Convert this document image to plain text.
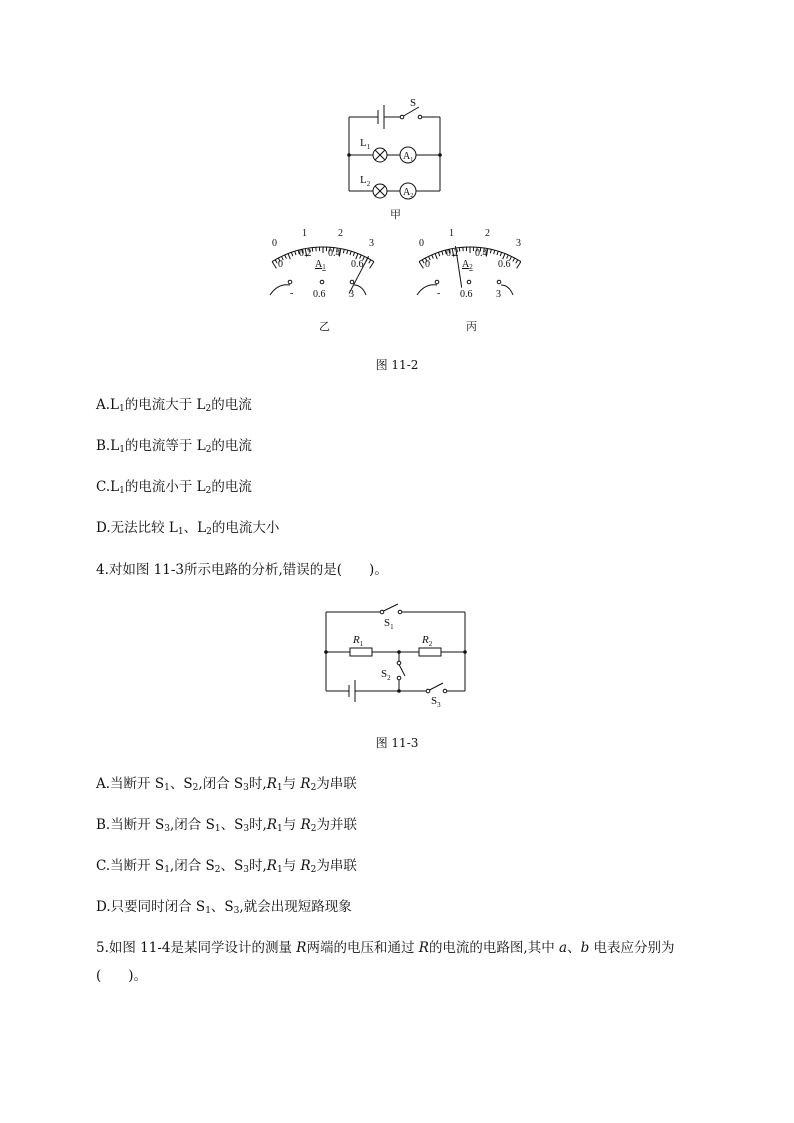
S
$L_1$
$A_1$
$L_2$
$A_2$
甲
0
1	2
3
0
0.2 0.4
0.6
$A_1$
- 0.6 3
乙
0
1	2
3
0
0.2 0.4
0.6
$A_2$
- 0.6 3
丙
图 11-2
$A.L_1$的电流大于 $L_2$的电流
$B.L_1$的电流等于 $L_2$的电流
$C.L_1$的电流小于 $L_2$的电流
D.无法比较 $L_1$、$L_2$的电流大小
4.对如图 11-3所示电路的分析,错误的是(　　)。
$S_1$
$R_1$	$R_2$
$S_2$
$S_3$
图 11-3
A.当断开 $S_1$、$S_2$,闭合 $S_3$时$,R_1$与 $R_2$为串联
B.当断开 $S_3$,闭合 $S_1$、$S_3$时$,R_1$与 $R_2$为并联
C.当断开 $S_1$,闭合 $S_2$、$S_3$时$,R_1$与 $R_2$为串联
D.只要同时闭合 $S_1$、$S_3$,就会出现短路现象
5.如图 11-4是某同学设计的测量 R两端的电压和通过 R的电流的电路图,其中 a、b 电表应分别为
(　　)。
